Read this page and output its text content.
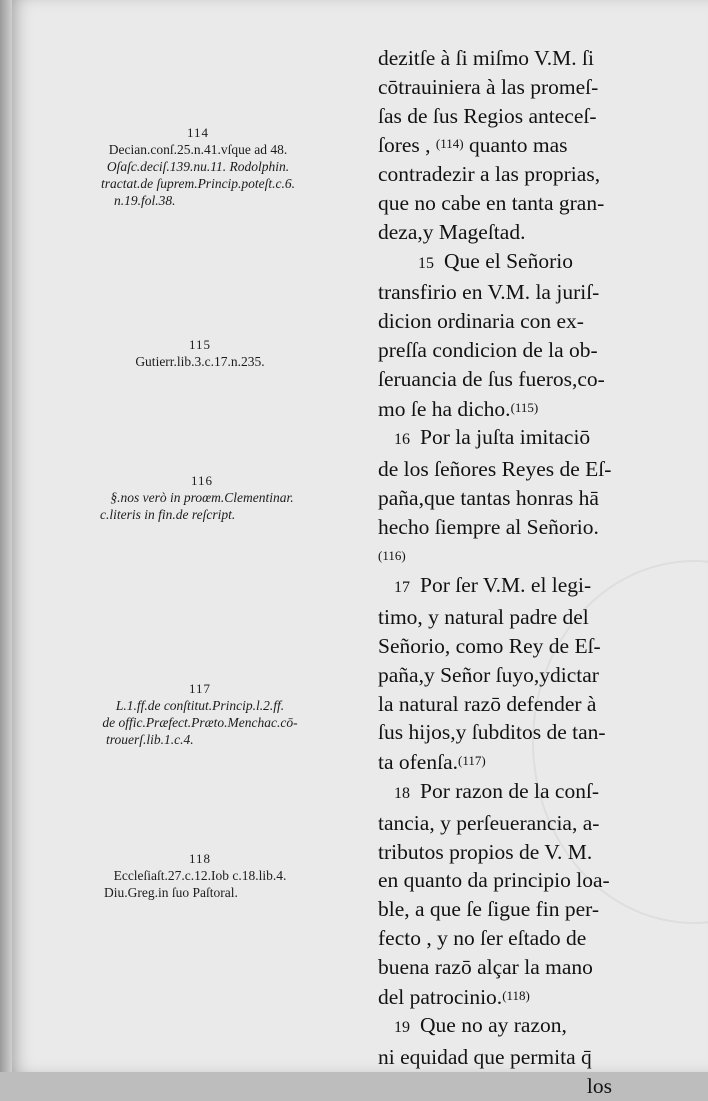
114
Decian.conſ.25.n.41.vſque ad 48.
Oſaſc.deciſ.139.nu.11. Rodolphin.
tractat.de ſuprem.Princip.poteſt.c.6.
n.19.fol.38.
115
Gutierr.lib.3.c.17.n.235.
116
§.nos verò in proœm.Clementinar.
c.literis in fin.de reſcript.
117
L.1.ff.de conſtitut.Princip.l.2.ff.
de offic.Præfect.Præto.Menchac.cō-
trouerſ.lib.1.c.4.
118
Eccleſiaſt.27.c.12.Iob c.18.lib.4.
Diu.Greg.in ſuo Paſtoral.
dezitſe à ſi miſmo V.M. ſi
cōtrauiniera à las promeſ-
ſas de ſus Regios anteceſ-
ſores , $^{(114)}$ quanto mas
contradezir a las proprias,
que no cabe en tanta gran-
deza,y Mageſtad.
15 Que el Señorio
transfirio en V.M. la juriſ-
dicion ordinaria con ex-
preſſa condicion de la ob-
ſeruancia de ſus fueros,co-
mo ſe ha dicho.$^{(115)}$
16 Por la juſta imitaciō
de los ſeñores Reyes de Eſ-
paña,que tantas honras hā
hecho ſiempre al Señorio.
$^{(116)}$
17 Por ſer V.M. el legi-
timo, y natural padre del
Señorio, como Rey de Eſ-
paña,y Señor ſuyo,ydictar
la natural razō defender à
ſus hijos,y ſubditos de tan-
ta ofenſa.$^{(117)}$
18 Por razon de la conſ-
tancia, y perſeuerancia, a-
tributos propios de V. M.
en quanto da principio loa-
ble, a que ſe ſigue fin per-
fecto , y no ſer eſtado de
buena razō alçar la mano
del patrocinio.$^{(118)}$
19 Que no ay razon,
ni equidad que permita q̄
los
